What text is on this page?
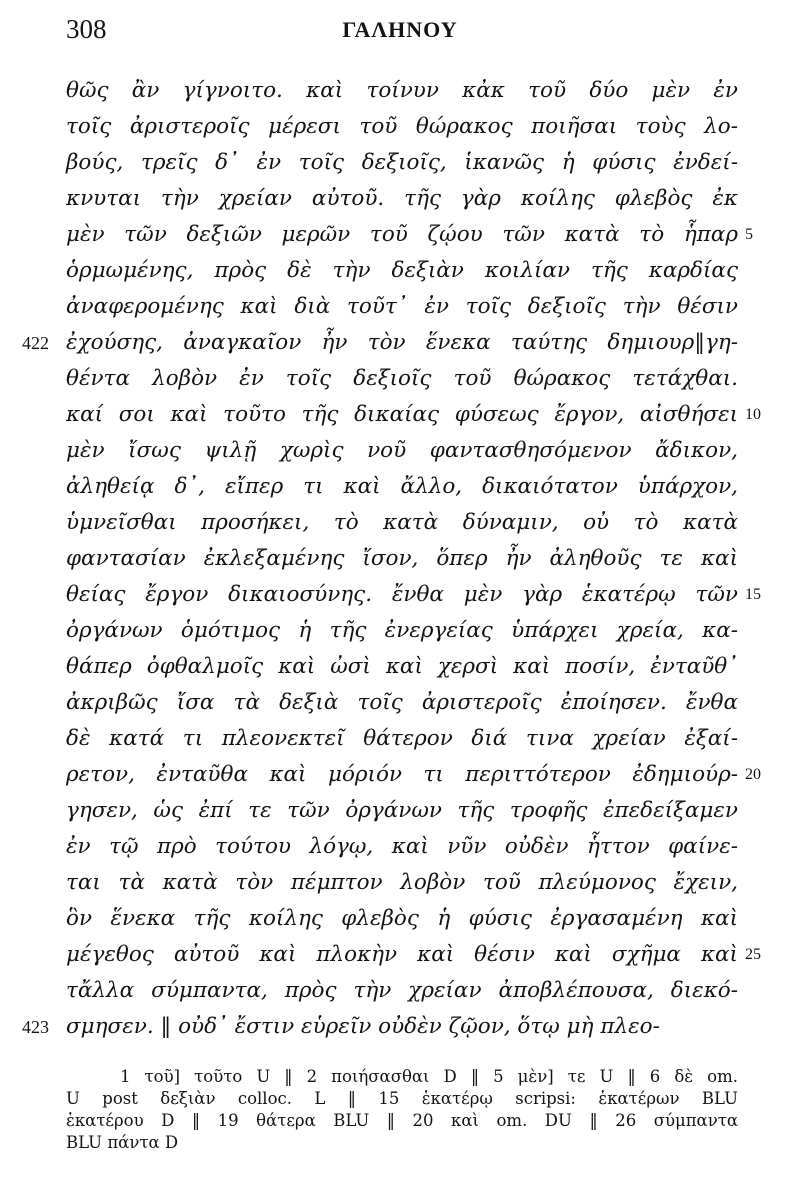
308	ΓΑΛΗΝΟΥ
θῶς ἂν γίγνοιτο. καὶ τοίνυν κἀκ τοῦ δύο μὲν ἐν
τοῖς ἀριστεροῖς μέρεσι τοῦ θώρακος ποιῆσαι τοὺς λο-
βούς, τρεῖς δ᾽ ἐν τοῖς δεξιοῖς, ἱκανῶς ἡ φύσις ἐνδεί-
κνυται τὴν χρείαν αὐτοῦ. τῆς γὰρ κοίλης φλεβὸς ἐκ
μὲν τῶν δεξιῶν μερῶν τοῦ ζῴου τῶν κατὰ τὸ ἧπαρ
ὁρμωμένης, πρὸς δὲ τὴν δεξιὰν κοιλίαν τῆς καρδίας
ἀναφερομένης καὶ διὰ τοῦτ᾽ ἐν τοῖς δεξιοῖς τὴν θέσιν
ἐχούσης, ἀναγκαῖον ἦν τὸν ἕνεκα ταύτης δημιουρ‖γη-
θέντα λοβὸν ἐν τοῖς δεξιοῖς τοῦ θώρακος τετάχθαι.
καί σοι καὶ τοῦτο τῆς δικαίας φύσεως ἔργον, αἰσθήσει
μὲν ἴσως ψιλῇ χωρὶς νοῦ φαντασθησόμενον ἄδικον,
ἀληθείᾳ δ᾽, εἴπερ τι καὶ ἄλλο, δικαιότατον ὑπάρχον,
ὑμνεῖσθαι προσήκει, τὸ κατὰ δύναμιν, οὐ τὸ κατὰ
φαντασίαν ἐκλεξαμένης ἴσον, ὅπερ ἦν ἀληθοῦς τε καὶ
θείας ἔργον δικαιοσύνης. ἔνθα μὲν γὰρ ἑκατέρῳ τῶν
ὀργάνων ὁμότιμος ἡ τῆς ἐνεργείας ὑπάρχει χρεία, κα-
θάπερ ὀφθαλμοῖς καὶ ὠσὶ καὶ χερσὶ καὶ ποσίν, ἐνταῦθ᾽
ἀκριβῶς ἴσα τὰ δεξιὰ τοῖς ἀριστεροῖς ἐποίησεν. ἔνθα
δὲ κατά τι πλεονεκτεῖ θάτερον διά τινα χρείαν ἐξαί-
ρετον, ἐνταῦθα καὶ μόριόν τι περιττότερον ἐδημιούρ-
γησεν, ὡς ἐπί τε τῶν ὀργάνων τῆς τροφῆς ἐπεδείξαμεν
ἐν τῷ πρὸ τούτου λόγῳ, καὶ νῦν οὐδὲν ἧττον φαίνε-
ται τὰ κατὰ τὸν πέμπτον λοβὸν τοῦ πλεύμονος ἔχειν,
ὃν ἕνεκα τῆς κοίλης φλεβὸς ἡ φύσις ἐργασαμένη καὶ
μέγεθος αὐτοῦ καὶ πλοκὴν καὶ θέσιν καὶ σχῆμα καὶ
τἄλλα σύμπαντα, πρὸς τὴν χρείαν ἀποβλέπουσα, διεκό-
σμησεν. ‖ οὐδ᾽ ἔστιν εὑρεῖν οὐδὲν ζῷον, ὅτῳ μὴ πλεο-
5
10
15
20
25
422
423
1 τοῦ] τοῦτο U ‖ 2 ποιήσασθαι D ‖ 5 μὲν] τε U ‖ 6 δὲ om.
U post δεξιὰν colloc. L ‖ 15 ἑκατέρῳ scripsi: ἑκατέρων BLU
ἑκατέρου D ‖ 19 θάτερα BLU ‖ 20 καὶ om. DU ‖ 26 σύμπαντα
BLU πάντα D
